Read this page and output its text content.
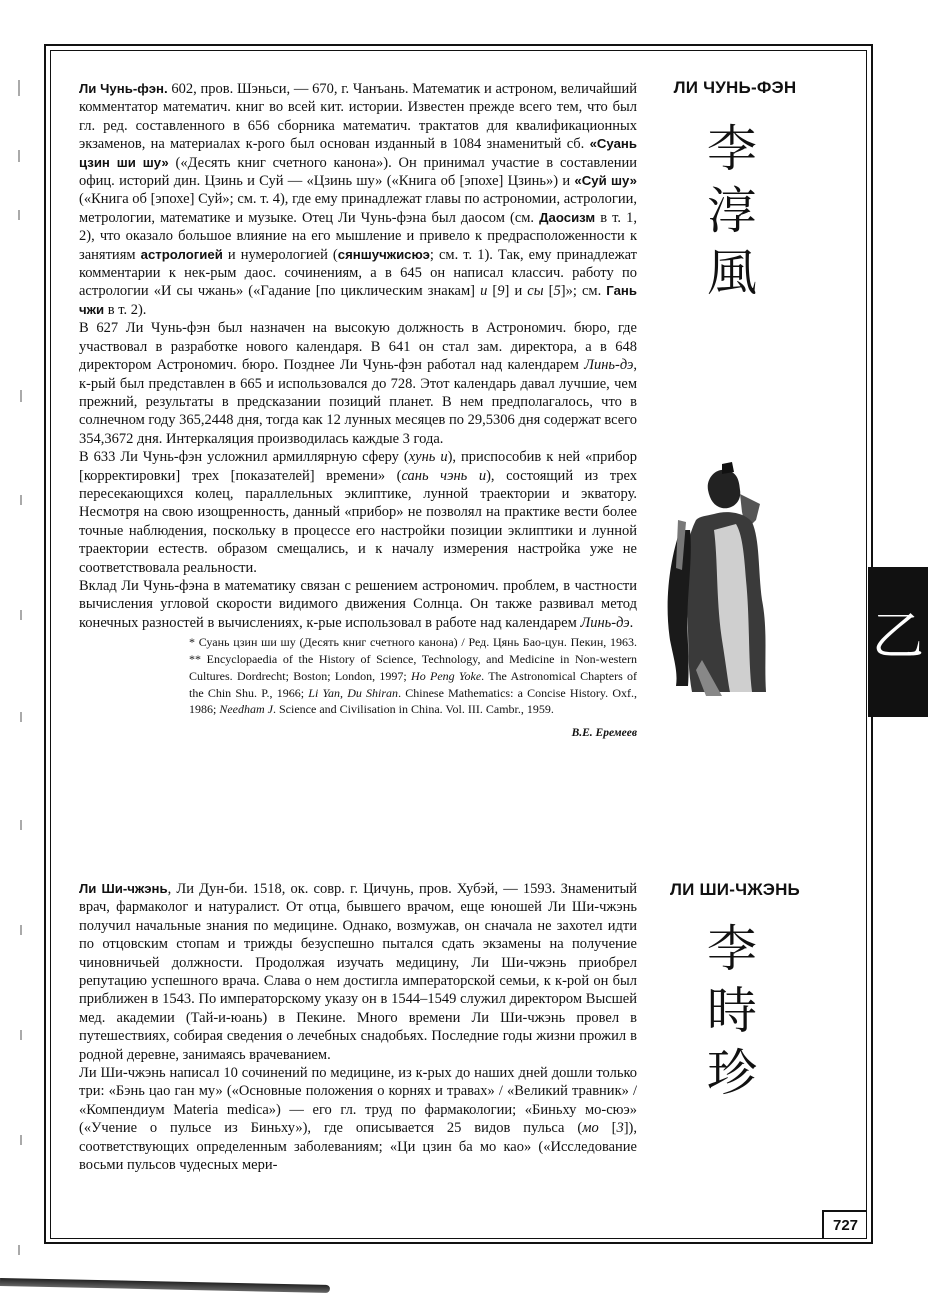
乙

Ли Чунь-фэн. 602, пров. Шэньси, — 670, г. Чанъань. Математик и астроном, величайший комментатор математич. книг во всей кит. истории. Известен прежде всего тем, что был гл. ред. составленного в 656 сборника математич. трактатов для квалификационных экзаменов, на материалах к-рого был основан изданный в 1084 знаменитый сб. «Суань цзин ши шу» («Десять книг счетного канона»). Он принимал участие в составлении офиц. историй дин. Цзинь и Суй — «Цзинь шу» («Книга об [эпохе] Цзинь») и «Суй шу» («Книга об [эпохе] Суй»; см. т. 4), где ему принадлежат главы по астрономии, астрологии, метрологии, математике и музыке. Отец Ли Чунь-фэна был даосом (см. Даосизм в т. 1, 2), что оказало большое влияние на его мышление и привело к предрасположенности к занятиям астрологией и нумерологией (сяншучжисюэ; см. т. 1). Так, ему принадлежат комментарии к нек-рым даос. сочинениям, а в 645 он написал классич. работу по астрологии «И сы чжань» («Гадание [по циклическим знакам] и [9] и сы [5]»; см. Гань чжи в т. 2).

В 627 Ли Чунь-фэн был назначен на высокую должность в Астрономич. бюро, где участвовал в разработке нового календаря. В 641 он стал зам. директора, а в 648 директором Астрономич. бюро. Позднее Ли Чунь-фэн работал над календарем Линь-дэ, к-рый был представлен в 665 и использовался до 728. Этот календарь давал лучшие, чем прежний, результаты в предсказании позиций планет. В нем предполагалось, что в солнечном году 365,2448 дня, тогда как 12 лунных месяцев по 29,5306 дня содержат всего 354,3672 дня. Интеркаляция производилась каждые 3 года.

В 633 Ли Чунь-фэн усложнил армиллярную сферу (хунь и), приспособив к ней «прибор [корректировки] трех [показателей] времени» (сань чэнь и), состоящий из трех пересекающихся колец, параллельных эклиптике, лунной траектории и экватору. Несмотря на свою изощренность, данный «прибор» не позволял на практике вести более точные наблюдения, поскольку в процессе его настройки позиции эклиптики и лунной траектории естеств. образом смещались, и к началу измерения настройка уже не соответствовала реальности.

Вклад Ли Чунь-фэна в математику связан с решением астрономич. проблем, в частности вычисления угловой скорости видимого движения Солнца. Он также развивал метод конечных разностей в вычислениях, к-рые использовал в работе над календарем Линь-дэ.

* Суань цзин ши шу (Десять книг счетного канона) / Ред. Цянь Бао-цун. Пекин, 1963. ** Encyclopaedia of the History of Science, Technology, and Medicine in Non-western Cultures. Dordrecht; Boston; London, 1997; Ho Peng Yoke. The Astronomical Chapters of the Chin Shu. P., 1966; Li Yan, Du Shiran. Chinese Mathematics: a Concise History. Oxf., 1986; Needham J. Science and Civilisation in China. Vol. III. Cambr., 1959.
В.Е. Еремеев
ЛИ ЧУНЬ-ФЭН
李
淳
風

Ли Ши-чжэнь, Ли Дун-би. 1518, ок. совр. г. Цичунь, пров. Хубэй, — 1593. Знаменитый врач, фармаколог и натуралист. От отца, бывшего врачом, еще юношей Ли Ши-чжэнь получил начальные знания по медицине. Однако, возмужав, он сначала не захотел идти по отцовским стопам и трижды безуспешно пытался сдать экзамены на получение чиновничьей должности. Продолжая изучать медицину, Ли Ши-чжэнь приобрел репутацию успешного врача. Слава о нем достигла императорской семьи, к к-рой он был приближен в 1543. По императорскому указу он в 1544–1549 служил директором Высшей мед. академии (Тай-и-юань) в Пекине. Много времени Ли Ши-чжэнь провел в путешествиях, собирая сведения о лечебных снадобьях. Последние годы жизни прожил в родной деревне, занимаясь врачеванием.

Ли Ши-чжэнь написал 10 сочинений по медицине, из к-рых до наших дней дошли только три: «Бэнь цао ган му» («Основные положения о корнях и травах» / «Великий травник» / «Компендиум Materia medica») — его гл. труд по фармакологии; «Биньху мо-сюэ» («Учение о пульсе из Биньху»), где описывается 25 видов пульса (мо [3]), соответствующих определенным заболеваниям; «Ци цзин ба мо као» («Исследование восьми пульсов чудесных мери-

ЛИ ШИ-ЧЖЭНЬ
李
時
珍
727
